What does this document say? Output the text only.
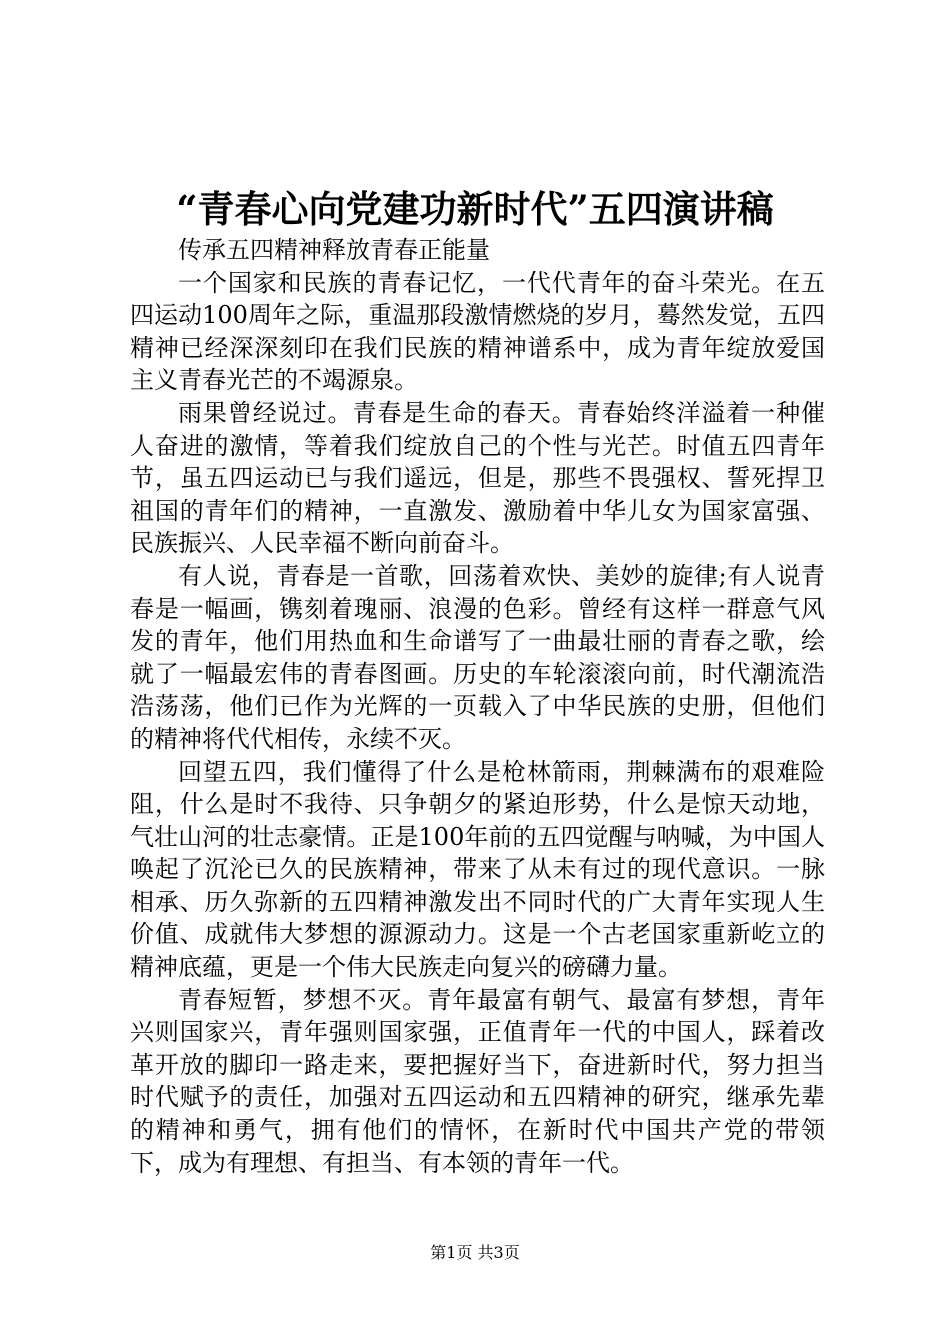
“青春心向党建功新时代”五四演讲稿

传承五四精神释放青春正能量

一个国家和民族的青春记忆，一代代青年的奋斗荣光。在五四运动100周年之际，重温那段激情燃烧的岁月，蓦然发觉，五四精神已经深深刻印在我们民族的精神谱系中，成为青年绽放爱国主义青春光芒的不竭源泉。

雨果曾经说过。青春是生命的春天。青春始终洋溢着一种催人奋进的激情，等着我们绽放自己的个性与光芒。时值五四青年节，虽五四运动已与我们遥远，但是，那些不畏强权、誓死捍卫祖国的青年们的精神，一直激发、激励着中华儿女为国家富强、民族振兴、人民幸福不断向前奋斗。

有人说，青春是一首歌，回荡着欢快、美妙的旋律;有人说青春是一幅画，镌刻着瑰丽、浪漫的色彩。曾经有这样一群意气风发的青年，他们用热血和生命谱写了一曲最壮丽的青春之歌，绘就了一幅最宏伟的青春图画。历史的车轮滚滚向前，时代潮流浩浩荡荡，他们已作为光辉的一页载入了中华民族的史册，但他们的精神将代代相传，永续不灭。

回望五四，我们懂得了什么是枪林箭雨，荆棘满布的艰难险阻，什么是时不我待、只争朝夕的紧迫形势，什么是惊天动地，气壮山河的壮志豪情。正是100年前的五四觉醒与呐喊，为中国人唤起了沉沦已久的民族精神，带来了从未有过的现代意识。一脉相承、历久弥新的五四精神激发出不同时代的广大青年实现人生价值、成就伟大梦想的源源动力。这是一个古老国家重新屹立的精神底蕴，更是一个伟大民族走向复兴的磅礴力量。

青春短暂，梦想不灭。青年最富有朝气、最富有梦想，青年兴则国家兴，青年强则国家强，正值青年一代的中国人，踩着改革开放的脚印一路走来，要把握好当下，奋进新时代，努力担当时代赋予的责任，加强对五四运动和五四精神的研究，继承先辈的精神和勇气，拥有他们的情怀，在新时代中国共产党的带领下，成为有理想、有担当、有本领的青年一代。

第1页 共3页
